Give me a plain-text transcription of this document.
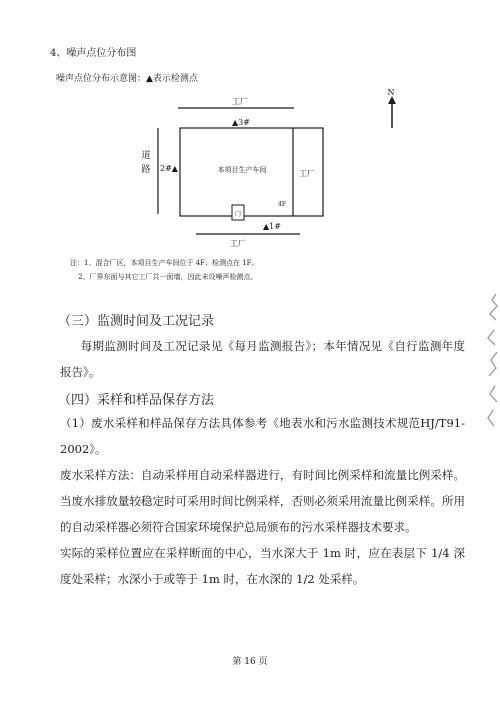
4、噪声点位分布图
噪声点位分布示意图：▲表示检测点
N
工厂
▲3#
道
路 2#▲	本项目生产车间	工厂
4F
门
▲1#
工厂
注：1、混合厂区，本项目生产车间位于 4F；检测点在 1F。
2、厂界东面与其它工厂共一面墙，因此未设噪声检测点。
（三）监测时间及工况记录
每期监测时间及工况记录见《每月监测报告》；本年情况见《自行监测年度报告》。
（四）采样和样品保存方法
（1）废水采样和样品保存方法具体参考《地表水和污水监测技术规范HJ/T91-2002》。
废水采样方法：自动采样用自动采样器进行，有时间比例采样和流量比例采样。当废水排放量较稳定时可采用时间比例采样，否则必须采用流量比例采样。所用的自动采样器必须符合国家环境保护总局颁布的污水采样器技术要求。
实际的采样位置应在采样断面的中心，当水深大于 1m 时，应在表层下 1/4 深度处采样；水深小于或等于 1m 时，在水深的 1/2 处采样。
第 16 页
